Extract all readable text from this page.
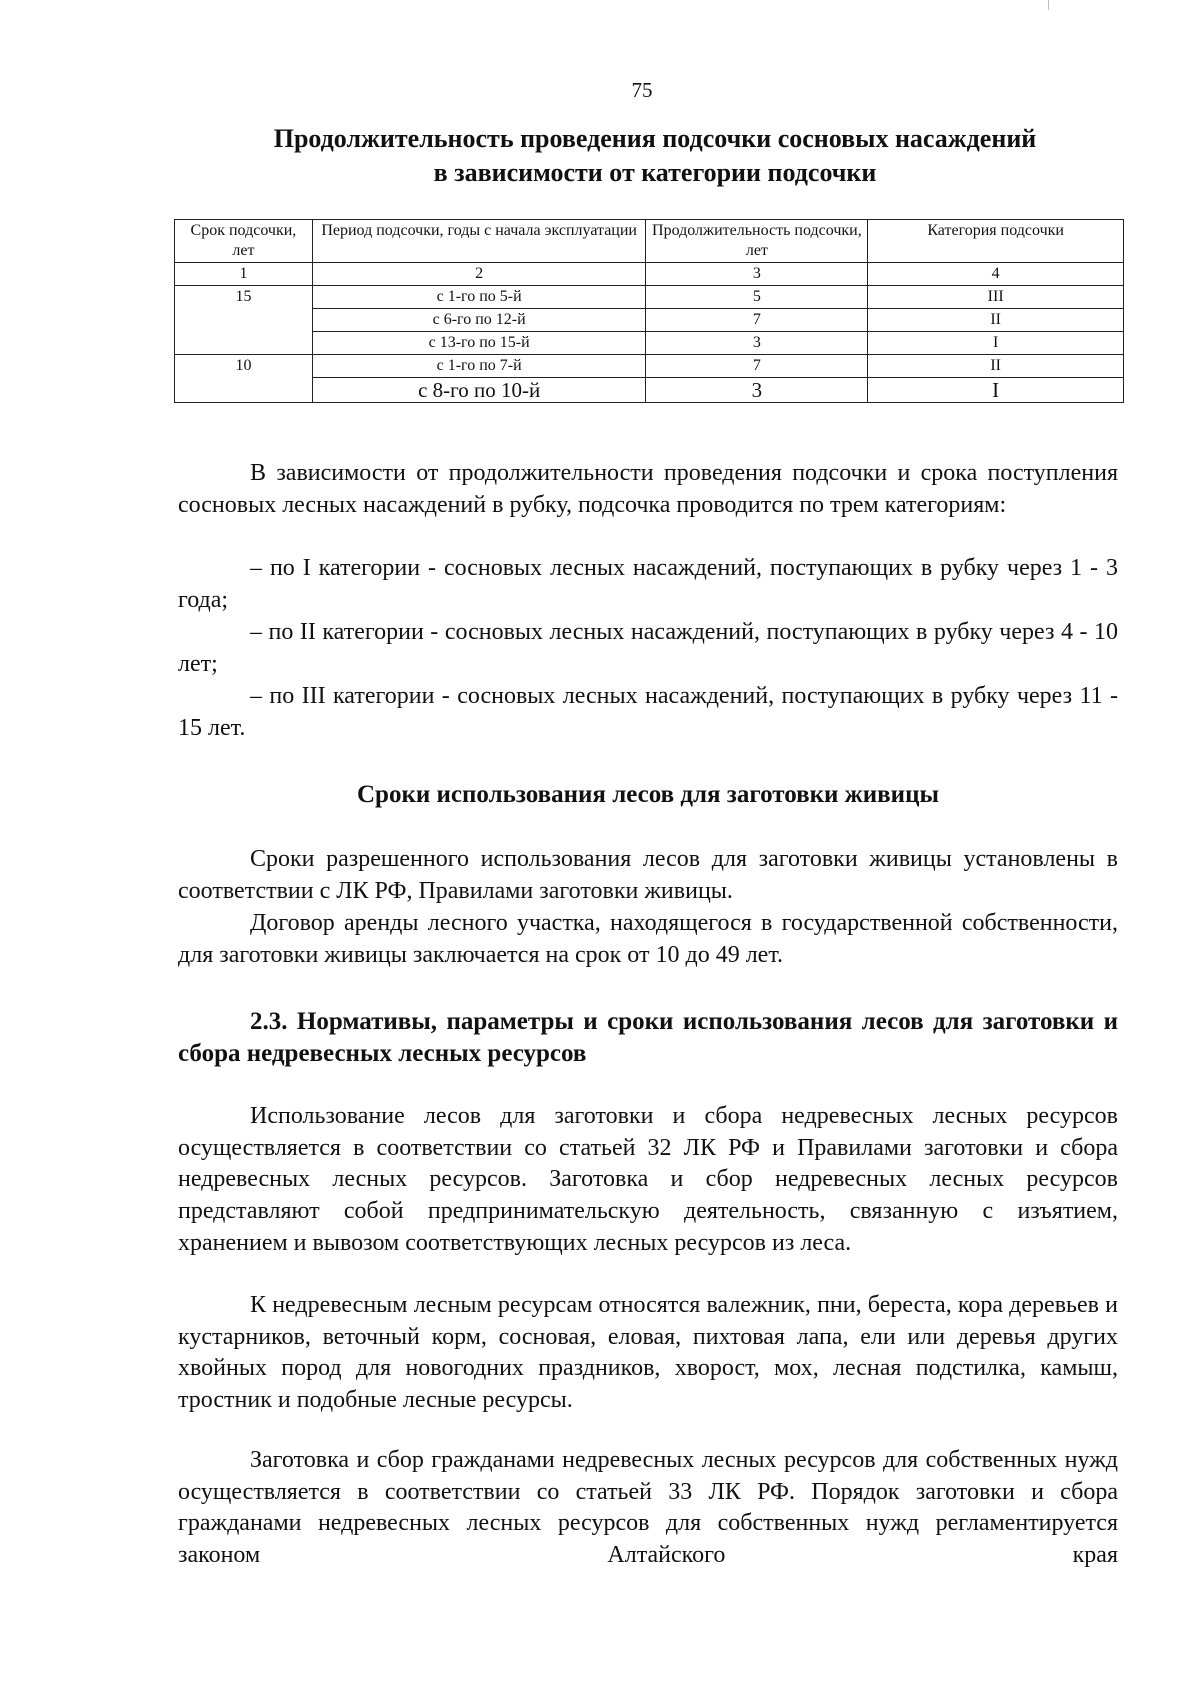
75
Продолжительность проведения подсочки сосновых насаждений
в зависимости от категории подсочки
Срок подсочки, лет	Период подсочки, годы с начала эксплуатации	Продолжительность подсочки, лет	Категория подсочки
1	2	3	4
15	с 1-го по 5-й	5	III
	с 6-го по 12-й	7	II
	с 13-го по 15-й	3	I
10	с 1-го по 7-й	7	II
	с 8-го по 10-й	3	I

В зависимости от продолжительности проведения подсочки и срока поступления сосновых лесных насаждений в рубку, подсочка проводится по трем категориям:

– по I категории - сосновых лесных насаждений, поступающих в рубку через 1 - 3 года;

– по II категории - сосновых лесных насаждений, поступающих в рубку через 4 - 10 лет;

– по III категории - сосновых лесных насаждений, поступающих в рубку через 11 - 15 лет.

Сроки использования лесов для заготовки живицы

Сроки разрешенного использования лесов для заготовки живицы установлены в соответствии с ЛК РФ, Правилами заготовки живицы.

Договор аренды лесного участка, находящегося в государственной собственности, для заготовки живицы заключается на срок от 10 до 49 лет.

2.3. Нормативы, параметры и сроки использования лесов для заготовки и сбора недревесных лесных ресурсов

Использование лесов для заготовки и сбора недревесных лесных ресурсов осуществляется в соответствии со статьей 32 ЛК РФ и Правилами заготовки и сбора недревесных лесных ресурсов. Заготовка и сбор недревесных лесных ресурсов представляют собой предпринимательскую деятельность, связанную с изъятием, хранением и вывозом соответствующих лесных ресурсов из леса.

К недревесным лесным ресурсам относятся валежник, пни, береста, кора деревьев и кустарников, веточный корм, сосновая, еловая, пихтовая лапа, ели или деревья других хвойных пород для новогодних праздников, хворост, мох, лесная подстилка, камыш, тростник и подобные лесные ресурсы.

Заготовка и сбор гражданами недревесных лесных ресурсов для собственных нужд осуществляется в соответствии со статьей 33 ЛК РФ. Порядок заготовки и сбора гражданами недревесных лесных ресурсов для собственных нужд регламентируется законом Алтайского края
